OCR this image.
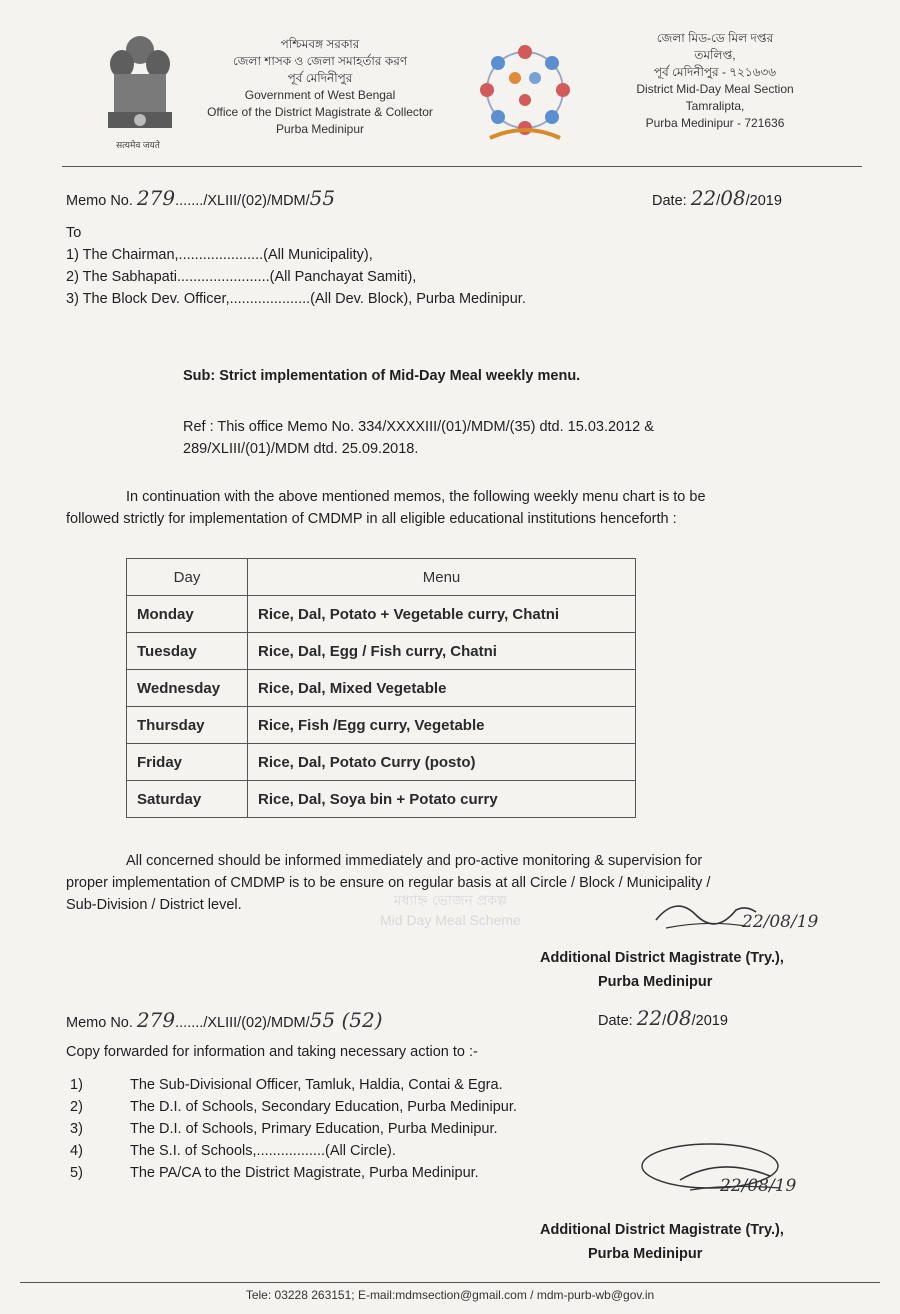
सत्यमेव जयते
পশ্চিমবঙ্গ সরকার
জেলা শাসক ও জেলা সমাহর্তার করণ
পূর্ব মেদিনীপুর
Government of West Bengal
Office of the District Magistrate & Collector
Purba Medinipur
জেলা মিড-ডে মিল দপ্তর
তমলিপ্ত,
পূর্ব মেদিনীপুর - ৭২১৬৩৬
District Mid-Day Meal Section
Tamralipta,
Purba Medinipur - 721636
Memo No. 279......./XLIII/(02)/MDM/55	Date: 22/08/2019
To
1) The Chairman,.....................(All Municipality),
2) The Sabhapati.......................(All Panchayat Samiti),
3) The Block Dev. Officer,....................(All Dev. Block), Purba Medinipur.
Sub: Strict implementation of Mid-Day Meal weekly menu.
Ref : This office Memo No. 334/XXXXIII/(01)/MDM/(35) dtd. 15.03.2012 &
289/XLIII/(01)/MDM dtd. 25.09.2018.
In continuation with the above mentioned memos, the following weekly menu chart is to be
followed strictly for implementation of CMDMP in all eligible educational institutions henceforth :
Day	Menu
Monday	Rice, Dal, Potato + Vegetable curry, Chatni
Tuesday	Rice, Dal, Egg / Fish curry, Chatni
Wednesday	Rice, Dal, Mixed Vegetable
Thursday	Rice, Fish /Egg curry, Vegetable
Friday	Rice, Dal, Potato Curry (posto)
Saturday	Rice, Dal, Soya bin + Potato curry
মধ্যাহ্ন ভোজন প্রকল্প
Mid Day Meal Scheme
All concerned should be informed immediately and pro-active monitoring & supervision for
proper implementation of CMDMP is to be ensure on regular basis at all Circle / Block / Municipality /
Sub-Division / District level.
22/08/19
Additional District Magistrate (Try.),
Purba Medinipur
Memo No. 279......./XLIII/(02)/MDM/55 (52)	Date: 22/08/2019
Copy forwarded for information and taking necessary action to :-
1)	The Sub-Divisional Officer, Tamluk, Haldia, Contai & Egra.
2)	The D.I. of Schools, Secondary Education, Purba Medinipur.
3)	The D.I. of Schools, Primary Education, Purba Medinipur.
4)	The S.I. of Schools,.................(All Circle).
5)	The PA/CA to the District Magistrate, Purba Medinipur.
22/08/19
Additional District Magistrate (Try.),
Purba Medinipur
Tele: 03228 263151; E-mail:mdmsection@gmail.com / mdm-purb-wb@gov.in
